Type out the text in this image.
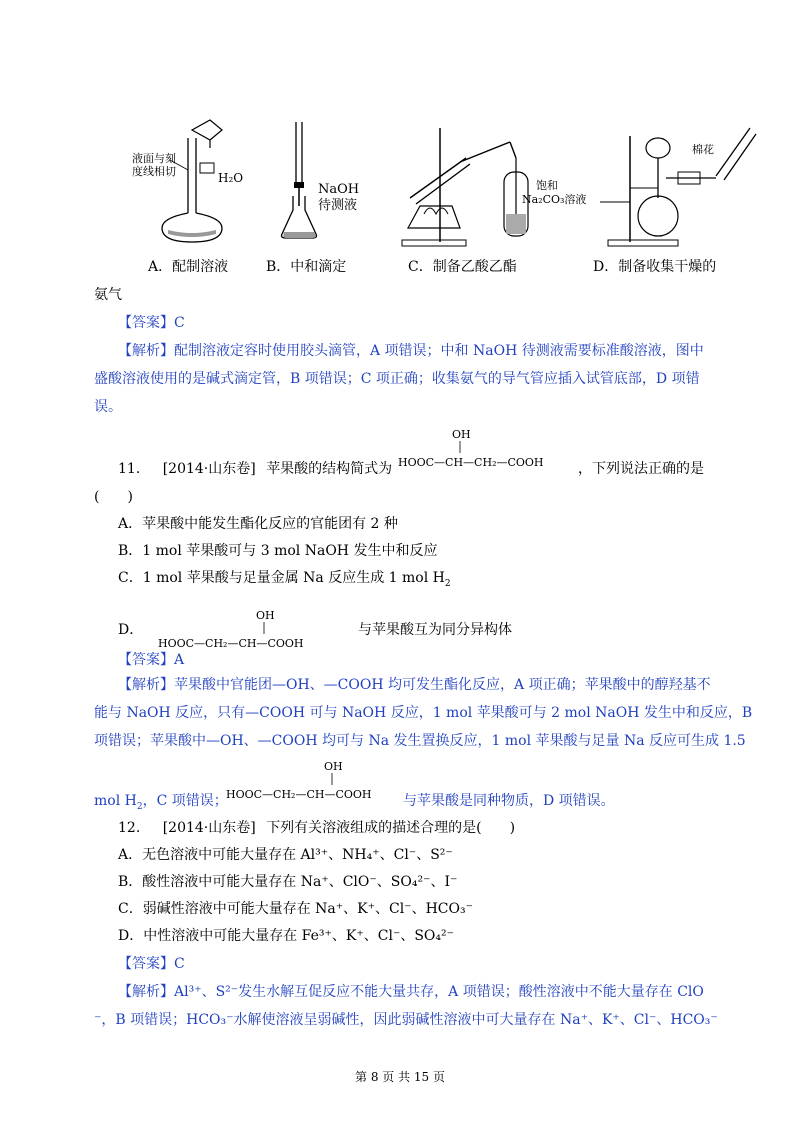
液面与刻
度线相切	H₂O
NaOH
待测液
饱和
Na₂CO₃溶液
棉花
A．配制溶液	B．中和滴定	C．制备乙酸乙酯	D．制备收集干燥的
氨气
【答案】C
【解析】配制溶液定容时使用胶头滴管，A 项错误；中和 NaOH 待测液需要标准酸溶液，图中
盛酸溶液使用的是碱式滴定管，B 项错误；C 项正确；收集氨气的导气管应插入试管底部，D 项错
误。
11. [2014·山东卷] 苹果酸的结构简式为
OH
HOOC—CH—CH₂—COOH ，下列说法正确的是
(　　)
A．苹果酸中能发生酯化反应的官能团有 2 种
B．1 mol 苹果酸可与 3 mol NaOH 发生中和反应
C．1 mol 苹果酸与足量金属 Na 反应生成 1 mol $H_2$
D．
OH
HOOC—CH₂—CH—COOH
与苹果酸互为同分异构体
【答案】A
【解析】苹果酸中官能团—OH、—COOH 均可发生酯化反应，A 项正确；苹果酸中的醇羟基不
能与 NaOH 反应，只有—COOH 可与 NaOH 反应，1 mol 苹果酸可与 2 mol NaOH 发生中和反应，B
项错误；苹果酸中—OH、—COOH 均可与 Na 发生置换反应，1 mol 苹果酸与足量 Na 反应可生成 1.5
mol $H_2$，C 项错误；
OH
HOOC—CH₂—CH—COOH 与苹果酸是同种物质，D 项错误。
12. [2014·山东卷] 下列有关溶液组成的描述合理的是(　　)
A．无色溶液中可能大量存在 Al³⁺、NH₄⁺、Cl⁻、S²⁻
B．酸性溶液中可能大量存在 Na⁺、ClO⁻、SO₄²⁻、I⁻
C．弱碱性溶液中可能大量存在 Na⁺、K⁺、Cl⁻、HCO₃⁻
D．中性溶液中可能大量存在 Fe³⁺、K⁺、Cl⁻、SO₄²⁻
【答案】C
【解析】Al³⁺、S²⁻发生水解互促反应不能大量共存，A 项错误；酸性溶液中不能大量存在 ClO
⁻，B 项错误；HCO₃⁻水解使溶液呈弱碱性，因此弱碱性溶液中可大量存在 Na⁺、K⁺、Cl⁻、HCO₃⁻
第 8 页 共 15 页
